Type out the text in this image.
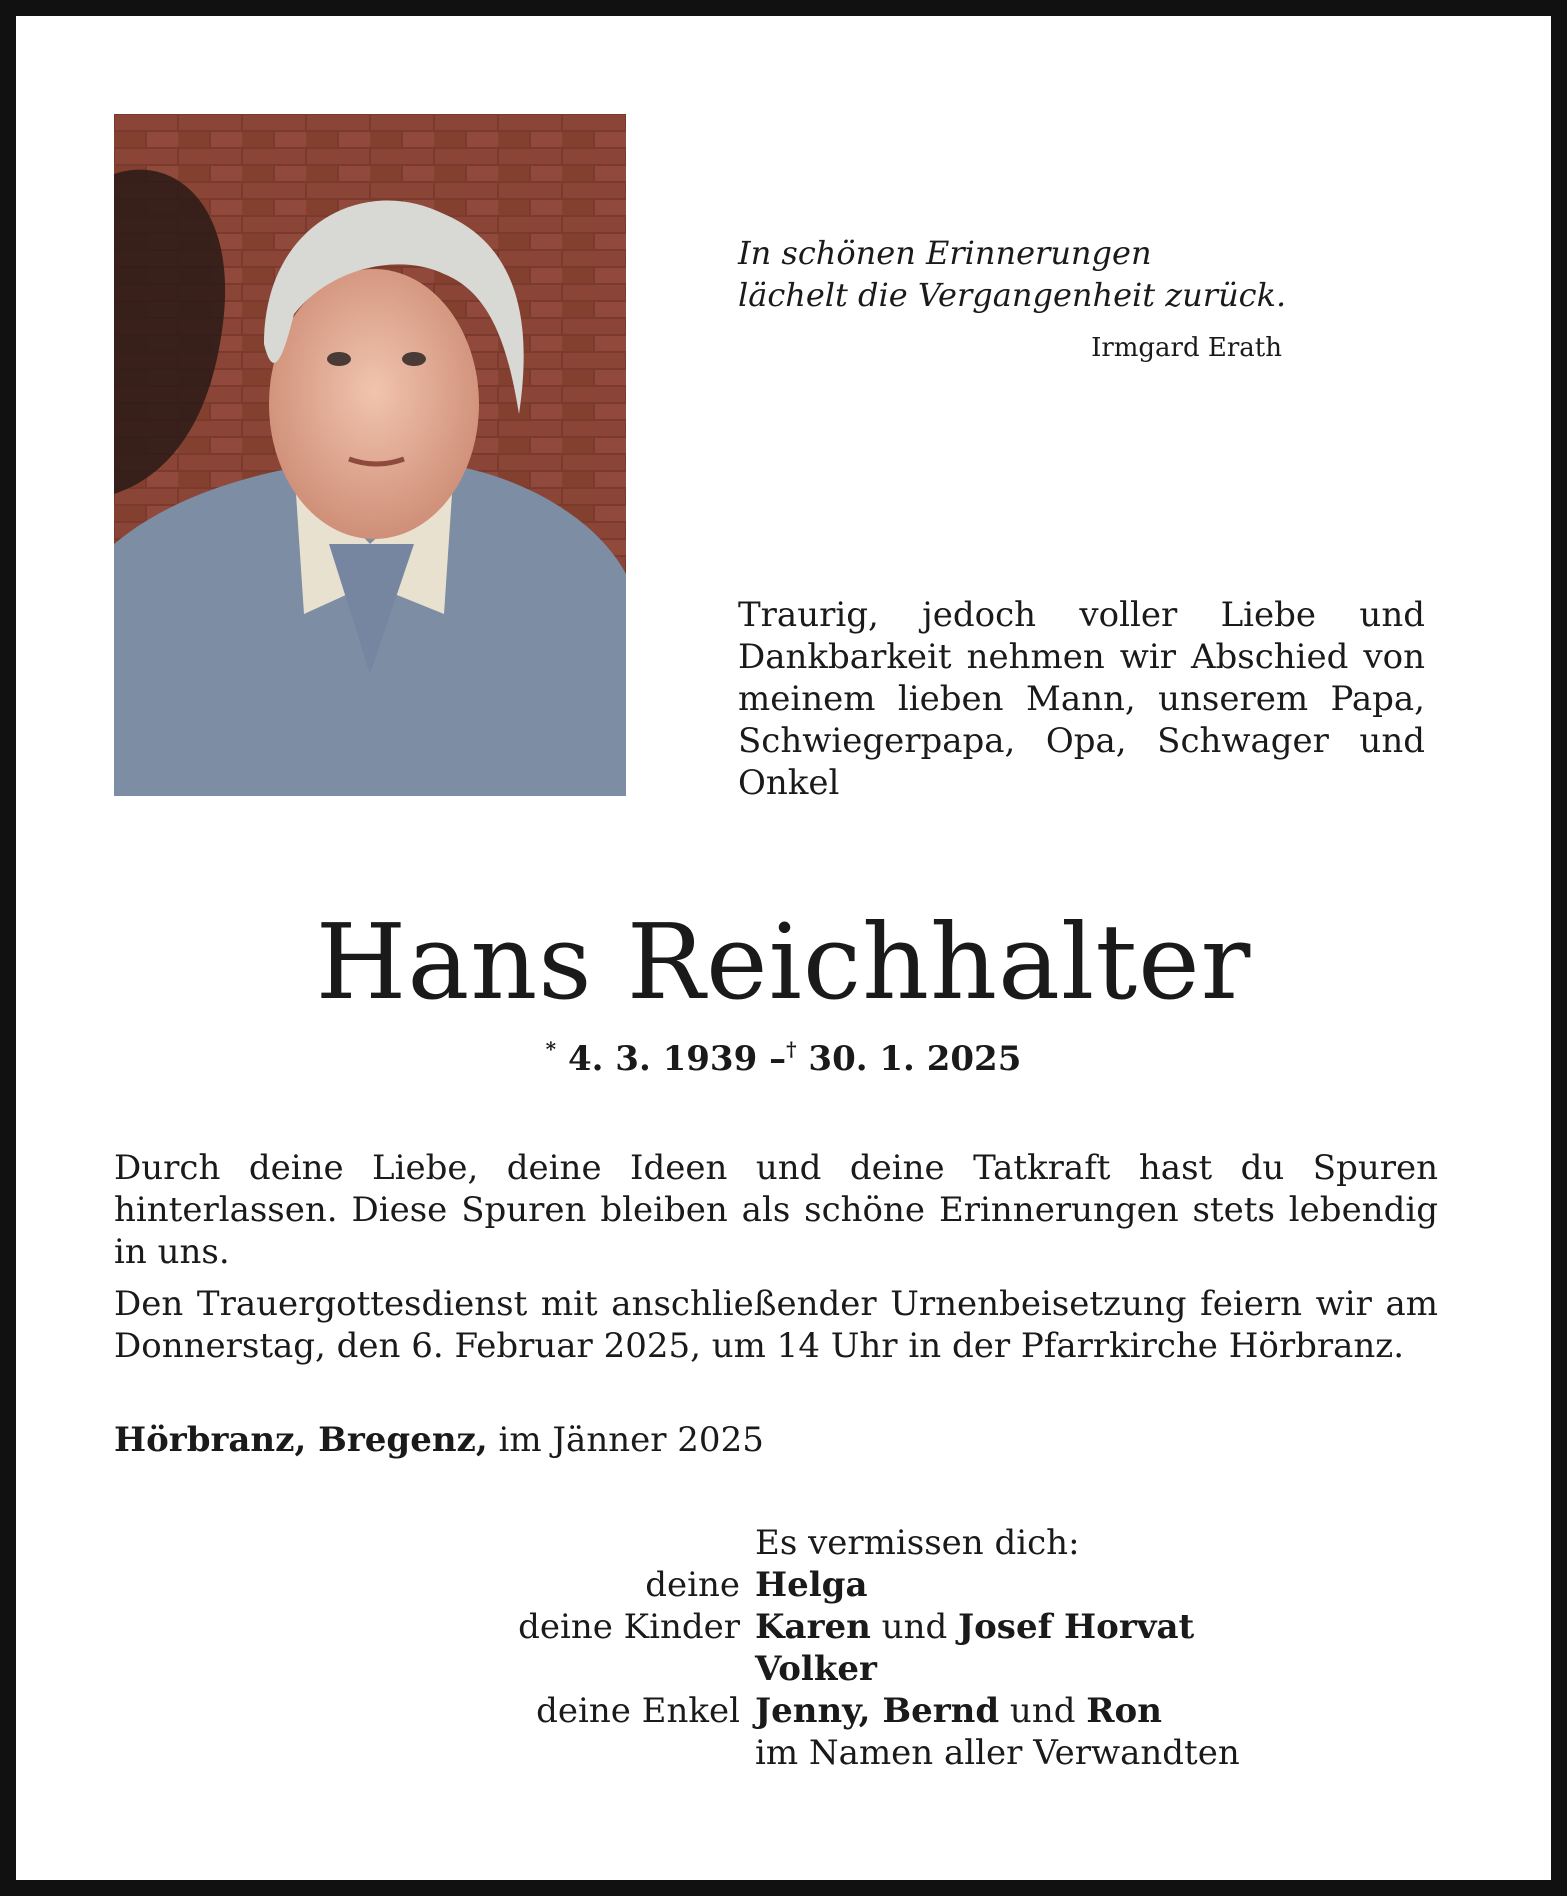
In schönen Erinnerungen
lächelt die Vergangenheit zurück.
Irmgard Erath

Traurig, jedoch voller Liebe und Dankbarkeit nehmen wir Abschied von meinem lieben Mann, unserem Papa, Schwiegerpapa, Opa, Schwager und Onkel

Hans Reichhalter
* 4. 3. 1939 –† 30. 1. 2025

Durch deine Liebe, deine Ideen und deine Tatkraft hast du Spuren hinterlassen. Diese Spuren bleiben als schöne Erinnerungen stets lebendig in uns.

Den Trauergottesdienst mit anschließender Urnenbeisetzung feiern wir am Donnerstag, den 6. Februar 2025, um 14 Uhr in der Pfarrkirche Hörbranz.

Hörbranz, Bregenz, im Jänner 2025
Es vermissen dich:
deine Helga
deine Kinder Karen und Josef Horvat
Volker
deine Enkel Jenny, Bernd und Ron
im Namen aller Verwandten
